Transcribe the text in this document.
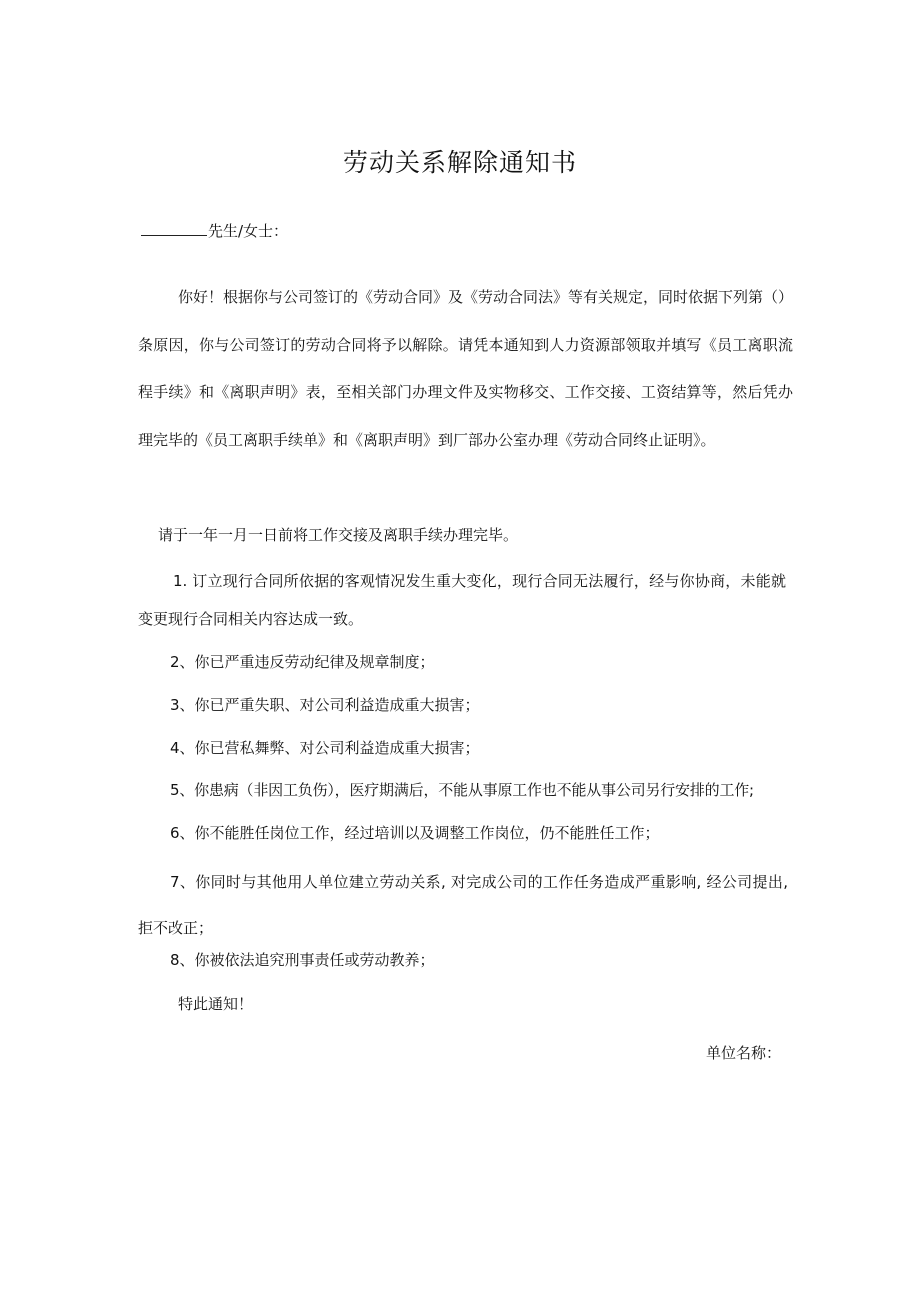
劳动关系解除通知书
先生/女士：
你好！根据你与公司签订的《劳动合同》及《劳动合同法》等有关规定，同时依据下列第（）条原因，你与公司签订的劳动合同将予以解除。请凭本通知到人力资源部领取并填写《员工离职流程手续》和《离职声明》表，至相关部门办理文件及实物移交、工作交接、工资结算等，然后凭办理完毕的《员工离职手续单》和《离职声明》到厂部办公室办理《劳动合同终止证明》。
请于一年一月一日前将工作交接及离职手续办理完毕。
1. 订立现行合同所依据的客观情况发生重大变化，现行合同无法履行，经与你协商，未能就变更现行合同相关内容达成一致。
2、你已严重违反劳动纪律及规章制度；
3、你已严重失职、对公司利益造成重大损害；
4、你已营私舞弊、对公司利益造成重大损害；
5、你患病（非因工负伤），医疗期满后，不能从事原工作也不能从事公司另行安排的工作;
6、你不能胜任岗位工作，经过培训以及调整工作岗位，仍不能胜任工作；
7、你同时与其他用人单位建立劳动关系, 对完成公司的工作任务造成严重影响, 经公司提出, 拒不改正；
8、你被依法追究刑事责任或劳动教养；
特此通知！
单位名称：
